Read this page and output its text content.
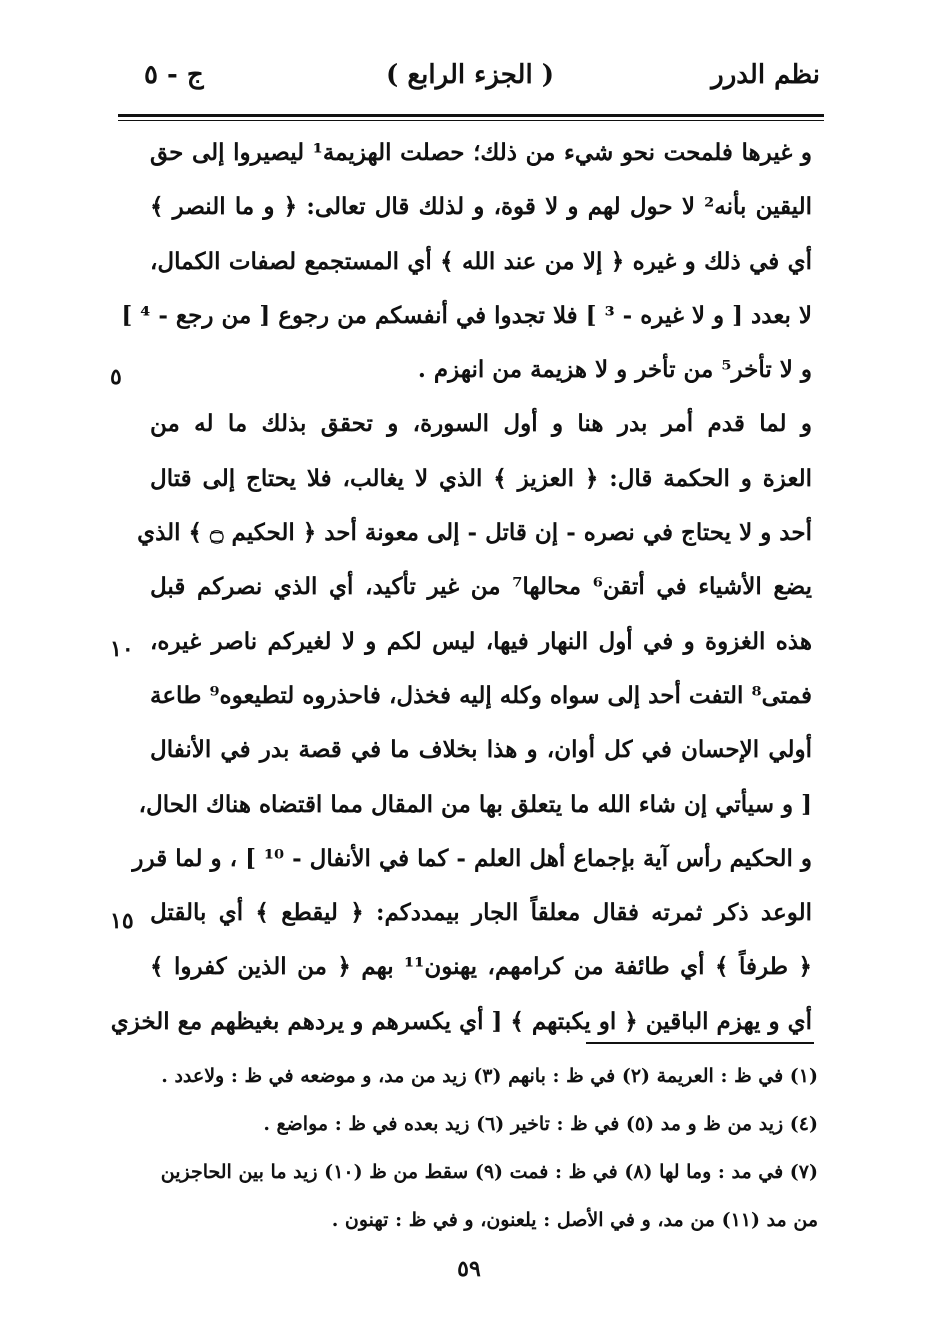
نظم الدرر
( الجزء الرابع )
ج - ٥
و غيرها فلمحت نحو شيء من ذلك؛ حصلت الهزيمة¹ ليصيروا إلى حق
اليقين بأنه² لا حول لهم و لا قوة، و لذلك قال تعالى: ﴿ و ما النصر ﴾
أي في ذلك و غيره ﴿ إلا من عند الله ﴾ أي المستجمع لصفات الكمال،
لا بعدد [ و لا غيره - ³ ] فلا تجدوا في أنفسكم من رجوع [ من رجع - ⁴ ]
و لا تأخر⁵ من تأخر و لا هزيمة من انهزم .
و لما قدم أمر بدر هنا و أول السورة، و تحقق بذلك ما له من
العزة و الحكمة قال: ﴿ العزيز ﴾ الذي لا يغالب، فلا يحتاج إلى قتال
أحد و لا يحتاج في نصره - إن قاتل - إلى معونة أحد ﴿ الحكيم ۝ ﴾ الذي
يضع الأشياء في أتقن⁶ محالها⁷ من غير تأكيد، أي الذي نصركم قبل
هذه الغزوة و في أول النهار فيها، ليس لكم و لا لغيركم ناصر غيره،
فمتى⁸ التفت أحد إلى سواه وكله إليه فخذل، فاحذروه لتطيعوه⁹ طاعة
أولي الإحسان في كل أوان، و هذا بخلاف ما في قصة بدر في الأنفال
[ و سيأتي إن شاء الله ما يتعلق بها من المقال مما اقتضاه هناك الحال،
و الحكيم رأس آية بإجماع أهل العلم - كما في الأنفال - ¹⁰ ] ، و لما قرر
الوعد ذكر ثمرته فقال معلقاً الجار بيمددكم: ﴿ ليقطع ﴾ أي بالقتل
﴿ طرفاً ﴾ أي طائفة من كرامهم، يهنون¹¹ بهم ﴿ من الذين كفروا ﴾
أي و يهزم الباقين ﴿ او يكبتهم ﴾ [ أي يكسرهم و يردهم بغيظهم مع الخزي
٥
١٠
١٥
(١) في ظ : العريمة (٢) في ظ : بانهم (٣) زيد من مد، و موضعه في ظ : ولاعدد .
(٤) زيد من ظ و مد (٥) في ظ : تاخير (٦) زيد بعده في ظ : مواضع .
(٧) في مد : وما لها (٨) في ظ : فمت (٩) سقط من ظ (١٠) زيد ما بين الحاجزين
من مد (١١) من مد، و في الأصل : يلعنون، و في ظ : تهنون .
٥٩
